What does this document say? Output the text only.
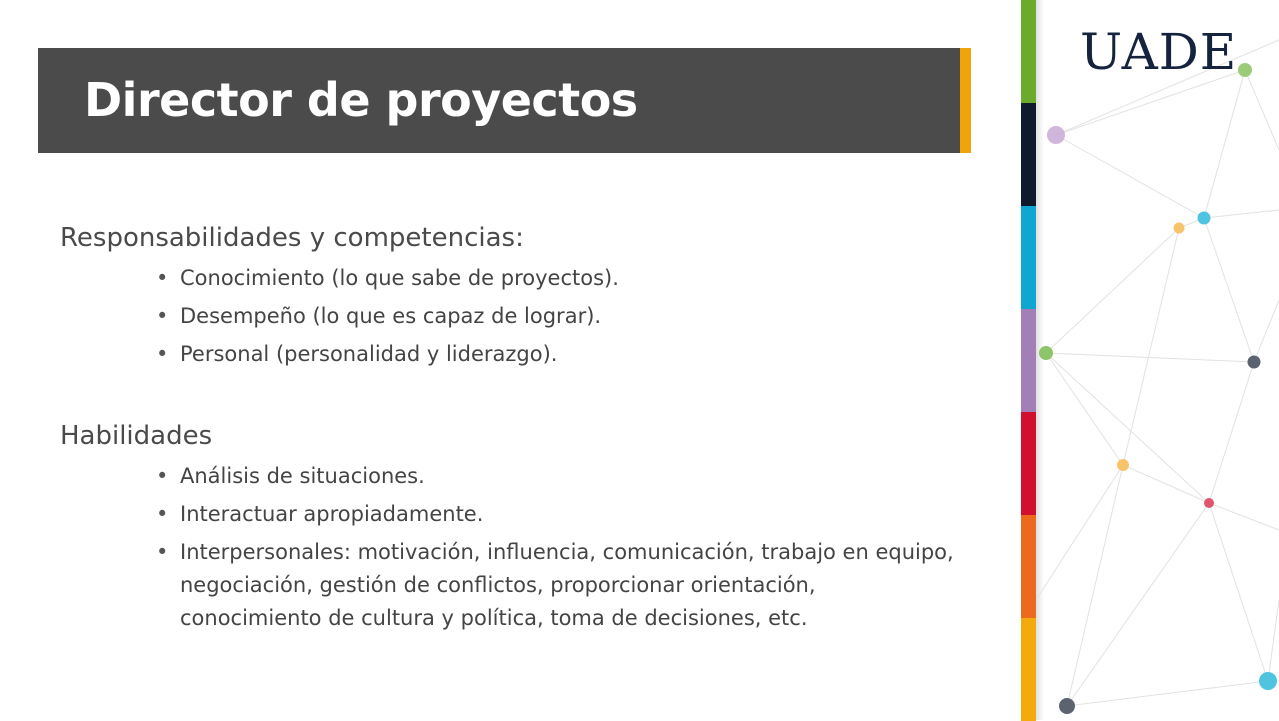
Director de proyectos
Responsabilidades y competencias:
• Conocimiento (lo que sabe de proyectos).
• Desempeño (lo que es capaz de lograr).
• Personal (personalidad y liderazgo).
Habilidades
• Análisis de situaciones.
• Interactuar apropiadamente.
• Interpersonales: motivación, influencia, comunicación, trabajo en equipo, negociación, gestión de conflictos, proporcionar orientación, conocimiento de cultura y política, toma de decisiones, etc.
UADE
